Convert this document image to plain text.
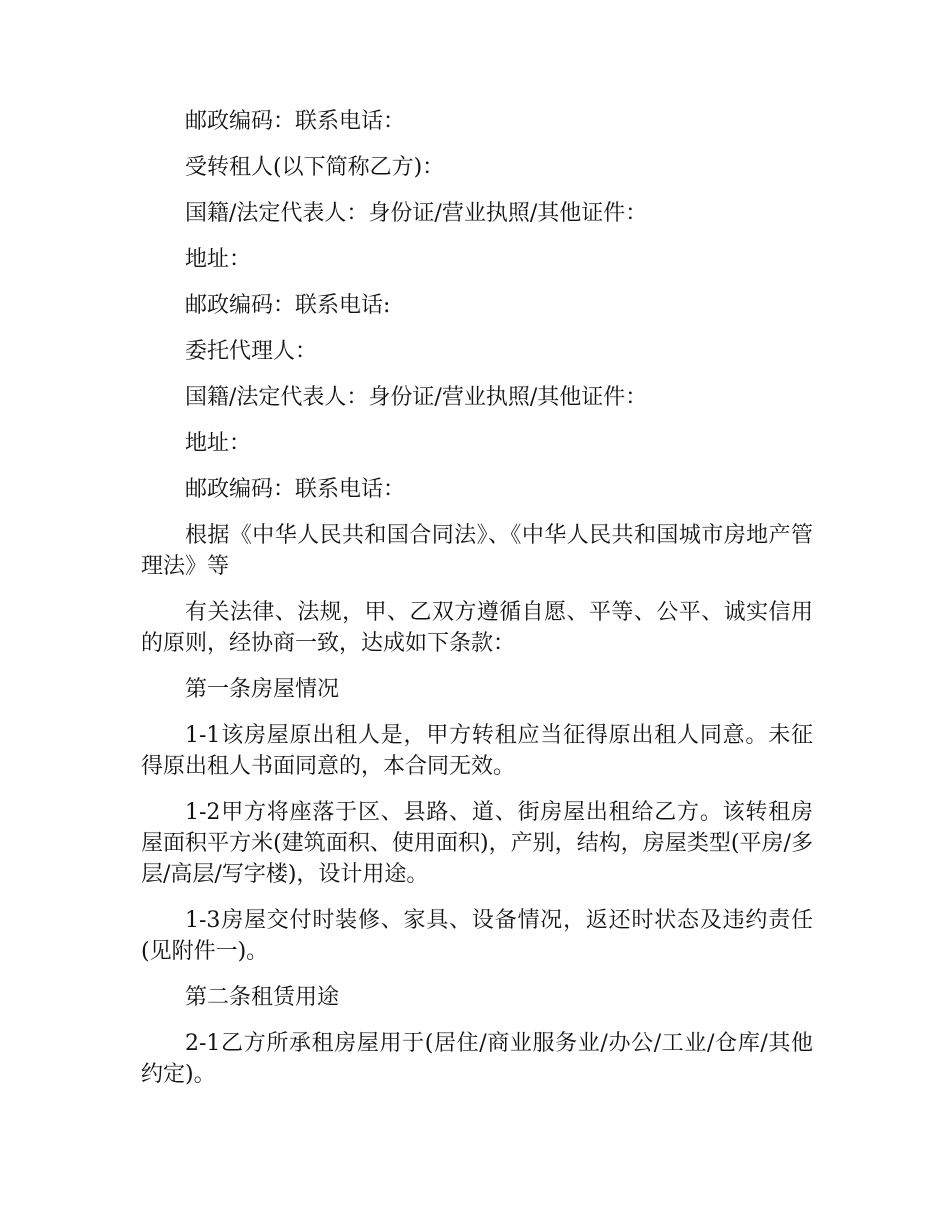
邮政编码：联系电话：

受转租人(以下简称乙方)：

国籍/法定代表人：身份证/营业执照/其他证件：

地址：

邮政编码：联系电话:

委托代理人：

国籍/法定代表人：身份证/营业执照/其他证件：

地址：

邮政编码：联系电话：

根据《中华人民共和国合同法》、《中华人民共和国城市房地产管理法》等

有关法律、法规，甲、乙双方遵循自愿、平等、公平、诚实信用的原则，经协商一致，达成如下条款：

第一条房屋情况

1-1该房屋原出租人是，甲方转租应当征得原出租人同意。未征得原出租人书面同意的，本合同无效。

1-2甲方将座落于区、县路、道、街房屋出租给乙方。该转租房屋面积平方米(建筑面积、使用面积)，产别，结构，房屋类型(平房/多层/高层/写字楼)，设计用途。

1-3房屋交付时装修、家具、设备情况，返还时状态及违约责任(见附件一)。

第二条租赁用途

2-1乙方所承租房屋用于(居住/商业服务业/办公/工业/仓库/其他约定)。
